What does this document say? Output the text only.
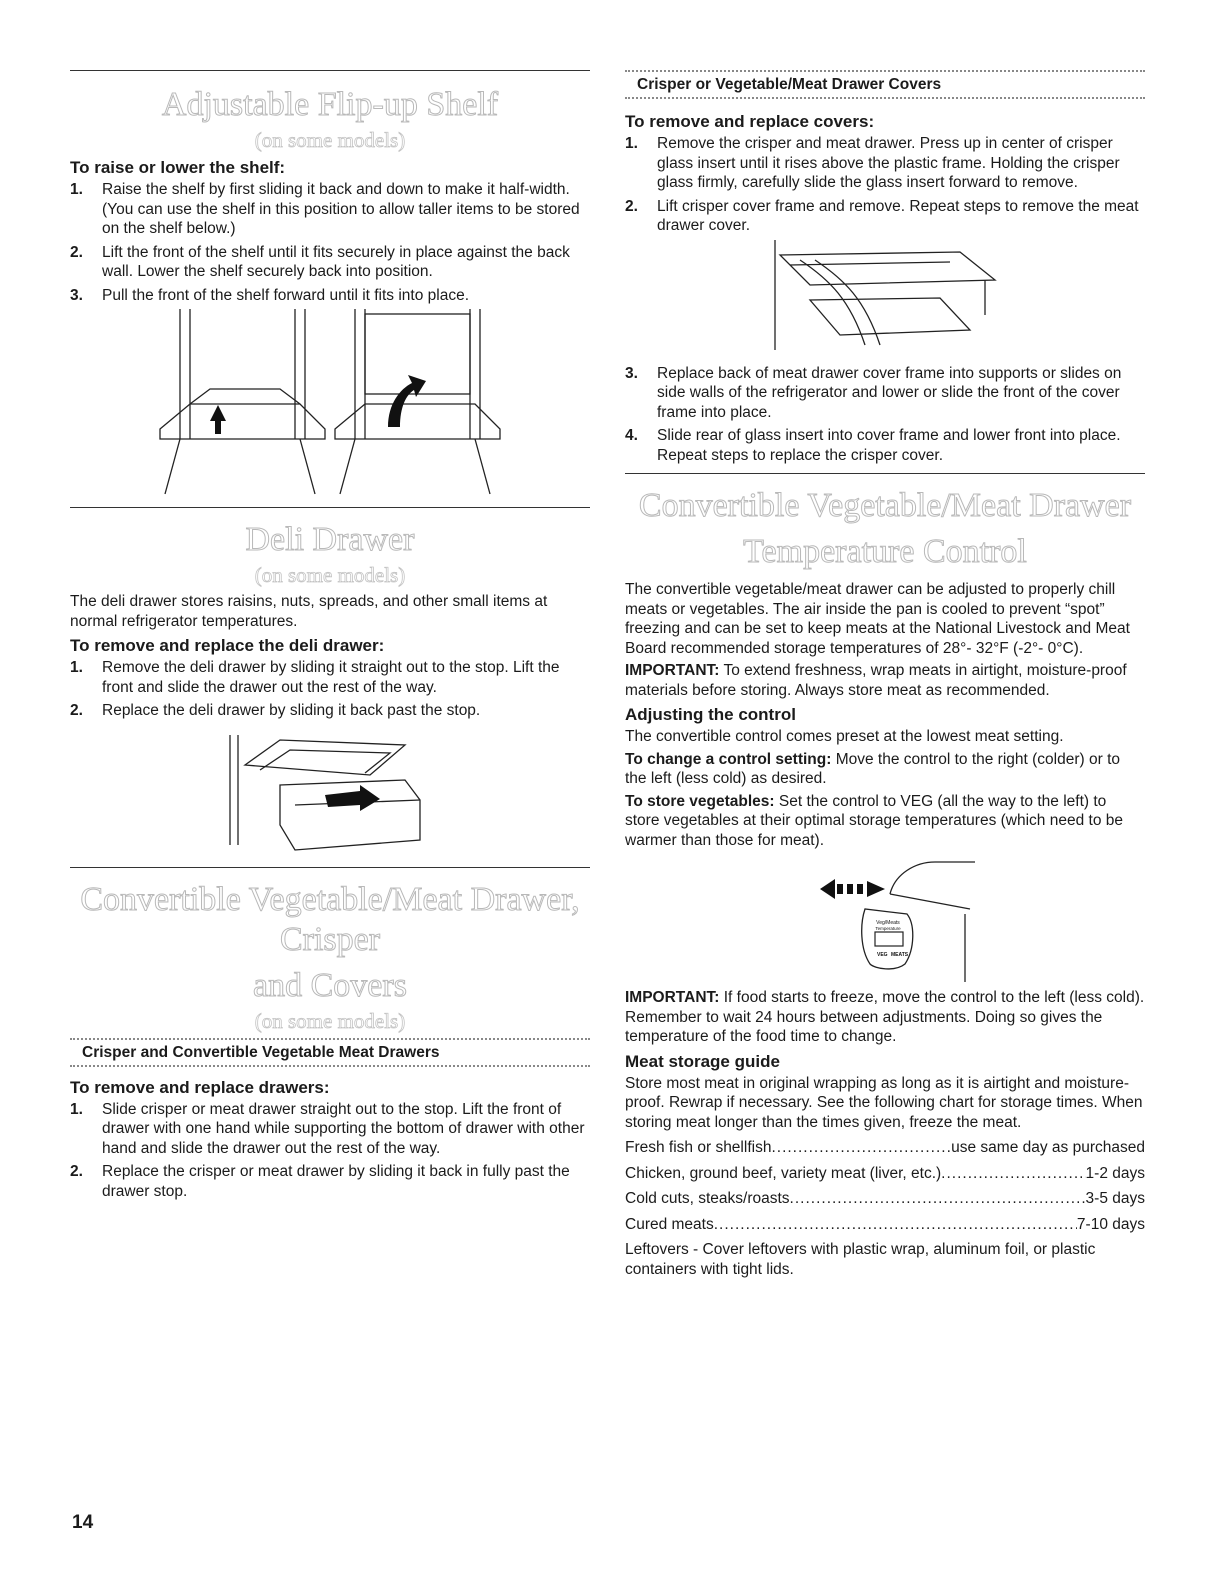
Adjustable Flip-up Shelf
(on some models)
To raise or lower the shelf:
1. Raise the shelf by first sliding it back and down to make it half-width. (You can use the shelf in this position to allow taller items to be stored on the shelf below.)
2. Lift the front of the shelf until it fits securely in place against the back wall. Lower the shelf securely back into position.
3. Pull the front of the shelf forward until it fits into place.
Deli Drawer
(on some models)

The deli drawer stores raisins, nuts, spreads, and other small items at normal refrigerator temperatures.

To remove and replace the deli drawer:
1. Remove the deli drawer by sliding it straight out to the stop. Lift the front and slide the drawer out the rest of the way.
2. Replace the deli drawer by sliding it back past the stop.
Convertible Vegetable/Meat Drawer, Crisper
and Covers
(on some models)
Crisper and Convertible Vegetable Meat Drawers
To remove and replace drawers:
1. Slide crisper or meat drawer straight out to the stop. Lift the front of drawer with one hand while supporting the bottom of drawer with other hand and slide the drawer out the rest of the way.
2. Replace the crisper or meat drawer by sliding it back in fully past the drawer stop.
Crisper or Vegetable/Meat Drawer Covers
To remove and replace covers:
1. Remove the crisper and meat drawer. Press up in center of crisper glass insert until it rises above the plastic frame. Holding the crisper glass firmly, carefully slide the glass insert forward to remove.
2. Lift crisper cover frame and remove. Repeat steps to remove the meat drawer cover.
3. Replace back of meat drawer cover frame into supports or slides on side walls of the refrigerator and lower or slide the front of the cover frame into place.
4. Slide rear of glass insert into cover frame and lower front into place. Repeat steps to replace the crisper cover.
Convertible Vegetable/Meat Drawer
Temperature Control

The convertible vegetable/meat drawer can be adjusted to properly chill meats or vegetables. The air inside the pan is cooled to prevent “spot” freezing and can be set to keep meats at the National Livestock and Meat Board recommended storage temperatures of 28°- 32°F (-2°- 0°C).

IMPORTANT: To extend freshness, wrap meats in airtight, moisture-proof materials before storing. Always store meat as recommended.

Adjusting the control

The convertible control comes preset at the lowest meat setting.

To change a control setting: Move the control to the right (colder) or to the left (less cold) as desired.

To store vegetables: Set the control to VEG (all the way to the left) to store vegetables at their optimal storage temperatures (which need to be warmer than those for meat).

Veg/Meats
Temperature
VEG MEATS

IMPORTANT: If food starts to freeze, move the control to the left (less cold). Remember to wait 24 hours between adjustments. Doing so gives the temperature of the food time to change.

Meat storage guide

Store most meat in original wrapping as long as it is airtight and moisture-proof. Rewrap if necessary. See the following chart for storage times. When storing meat longer than the times given, freeze the meat.

Fresh fish or shellfish .....	use same day as purchased
Chicken, ground beef, variety meat (liver, etc.) .....	1-2 days
Cold cuts, steaks/roasts .....	3-5 days
Cured meats .....	7-10 days

Leftovers - Cover leftovers with plastic wrap, aluminum foil, or plastic containers with tight lids.

14
